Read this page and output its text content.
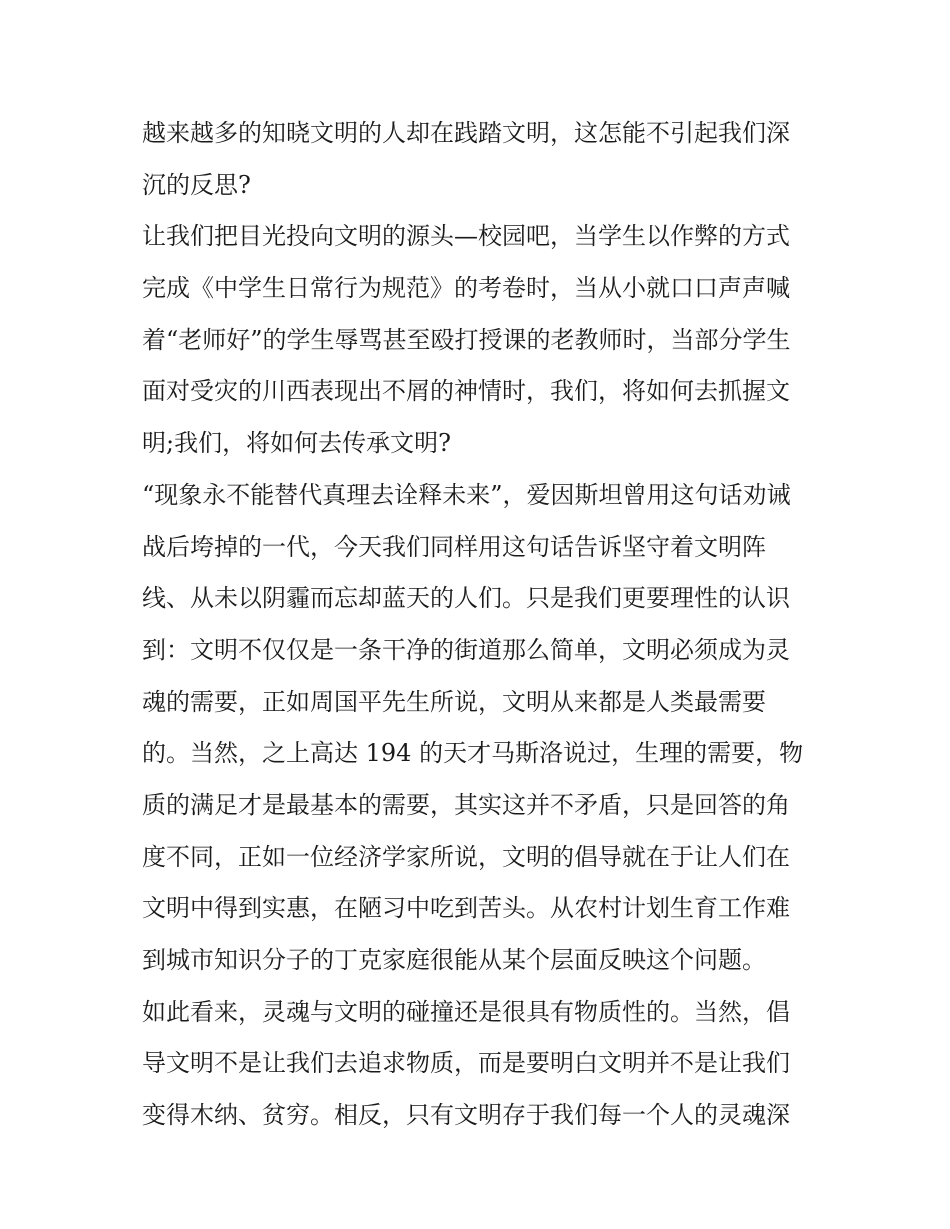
越来越多的知晓文明的人却在践踏文明，这怎能不引起我们深
沉的反思?
让我们把目光投向文明的源头—校园吧，当学生以作弊的方式
完成《中学生日常行为规范》的考卷时，当从小就口口声声喊
着“老师好”的学生辱骂甚至殴打授课的老教师时，当部分学生
面对受灾的川西表现出不屑的神情时，我们，将如何去抓握文
明;我们，将如何去传承文明?
“现象永不能替代真理去诠释未来”，爱因斯坦曾用这句话劝诫
战后垮掉的一代，今天我们同样用这句话告诉坚守着文明阵
线、从未以阴霾而忘却蓝天的人们。只是我们更要理性的认识
到：文明不仅仅是一条干净的街道那么简单，文明必须成为灵
魂的需要，正如周国平先生所说，文明从来都是人类最需要
的。当然，之上高达 194 的天才马斯洛说过，生理的需要，物
质的满足才是最基本的需要，其实这并不矛盾，只是回答的角
度不同，正如一位经济学家所说，文明的倡导就在于让人们在
文明中得到实惠，在陋习中吃到苦头。从农村计划生育工作难
到城市知识分子的丁克家庭很能从某个层面反映这个问题。
如此看来，灵魂与文明的碰撞还是很具有物质性的。当然，倡
导文明不是让我们去追求物质，而是要明白文明并不是让我们
变得木纳、贫穷。相反，只有文明存于我们每一个人的灵魂深
